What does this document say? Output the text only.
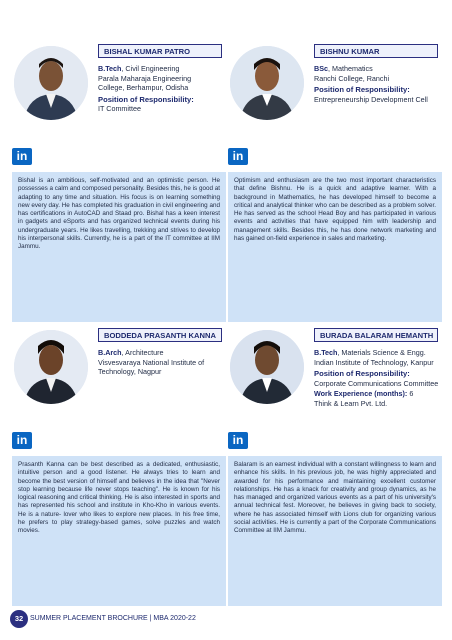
BISHAL KUMAR PATRO
B.Tech, Civil Engineering
Parala Maharaja Engineering
College, Berhampur, Odisha
Position of Responsibility:
IT Committee
in
Bishal is an ambitious, self-motivated and an optimistic person. He possesses a calm and composed personality. Besides this, he is good at adapting to any time and situation. His focus is on learning something new every day. He has completed his graduation in civil engineering and has certifications in AutoCAD and Staad pro. Bishal has a keen interest in gadgets and eSports and has organized technical events during his undergraduate years. He likes travelling, trekking and strives to develop his interpersonal skills. Currently, he is a part of the IT committee at IIM Jammu.
BISHNU KUMAR
BSc, Mathematics
Ranchi College, Ranchi
Position of Responsibility:
Entrepreneurship Development Cell
in
Optimism and enthusiasm are the two most important characteristics that define Bishnu. He is a quick and adaptive learner. With a background in Mathematics, he has developed himself to become a critical and analytical thinker who can be described as a problem solver. He has served as the school Head Boy and has participated in various events and activities that have equipped him with leadership and management skills. Besides this, he has done network marketing and has gained on-field experience in sales and marketing.
BODDEDA PRASANTH KANNA
B.Arch, Architecture
Visvesvaraya National Institute of
Technology, Nagpur
in
Prasanth Kanna can be best described as a dedicated, enthusiastic, intuitive person and a good listener. He always tries to learn and become the best version of himself and believes in the idea that "Never stop learning because life never stops teaching". He is known for his logical reasoning and critical thinking. He is also interested in sports and has represented his school and institute in Kho-Kho in various events. He is a nature- lover who likes to explore new places. In his free time, he prefers to play strategy-based games, solve puzzles and watch movies.
BURADA BALARAM HEMANTH
B.Tech, Materials Science & Engg.
Indian Institute of Technology, Kanpur
Position of Responsibility:
Corporate Communications Committee
Work Experience (months): 6
Think & Learn Pvt. Ltd.
in
Balaram is an earnest individual with a constant willingness to learn and enhance his skills. In his previous job, he was highly appreciated and awarded for his performance and maintaining excellent customer relationships. He has a knack for creativity and group dynamics, as he has managed and organized various events as a part of his university's annual technical fest. Moreover, he believes in giving back to society, where he has associated himself with Lions club for organizing various social activities. He is currently a part of the Corporate Communications Committee at IIM Jammu.
32 SUMMER PLACEMENT BROCHURE | MBA 2020-22
